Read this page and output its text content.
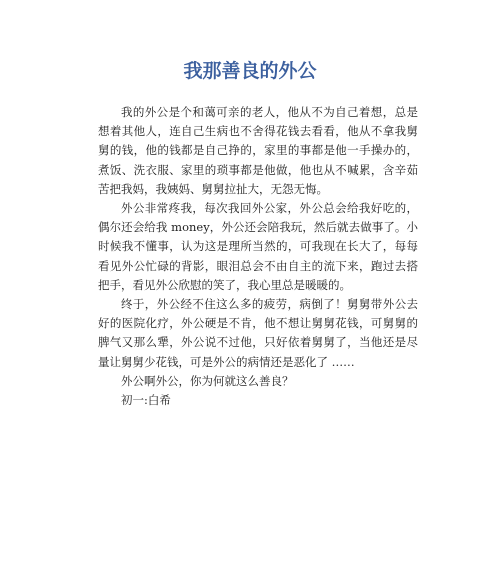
我那善良的外公

我的外公是个和蔼可亲的老人，他从不为自己着想，总是想着其他人，连自己生病也不舍得花钱去看看，他从不拿我舅舅的钱，他的钱都是自己挣的，家里的事都是他一手操办的，煮饭、洗衣服、家里的琐事都是他做，他也从不喊累，含辛茹苦把我妈，我姨妈、舅舅拉扯大，无怨无悔。

外公非常疼我，每次我回外公家，外公总会给我好吃的，偶尔还会给我 money，外公还会陪我玩，然后就去做事了。小时候我不懂事，认为这是理所当然的，可我现在长大了，每每看见外公忙碌的背影，眼泪总会不由自主的流下来，跑过去搭把手，看见外公欣慰的笑了，我心里总是暖暖的。

终于，外公经不住这么多的疲劳，病倒了！舅舅带外公去好的医院化疗，外公硬是不肯，他不想让舅舅花钱，可舅舅的脾气又那么犟，外公说不过他，只好依着舅舅了，当他还是尽量让舅舅少花钱，可是外公的病情还是恶化了 ……

外公啊外公，你为何就这么善良？

初一:白希
